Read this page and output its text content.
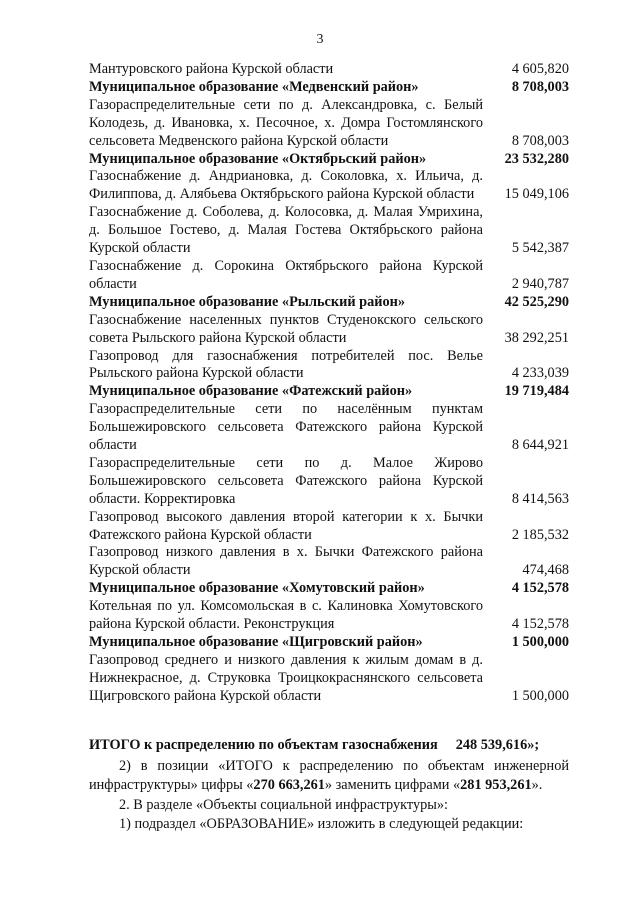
3
Мантуровского района Курской области	4 605,820
Муниципальное образование «Медвенский район»	8 708,003
Газораспределительные сети по д. Александровка, с. Белый Колодезь, д. Ивановка, х. Песочное, х. Домра Гостомлянского сельсовета Медвенского района Курской области	8 708,003
Муниципальное образование «Октябрьский район»	23 532,280
Газоснабжение д. Андриановка, д. Соколовка, х. Ильича, д. Филиппова, д. Алябьева Октябрьского района Курской области	15 049,106
Газоснабжение д. Соболева, д. Колосовка, д. Малая Умрихина, д. Большое Гостево, д. Малая Гостева Октябрьского района Курской области	5 542,387
Газоснабжение д. Сорокина Октябрьского района Курской области	2 940,787
Муниципальное образование «Рыльский район»	42 525,290
Газоснабжение населенных пунктов Студенокского сельского совета Рыльского района Курской области	38 292,251
Газопровод для газоснабжения потребителей пос. Велье Рыльского района Курской области	4 233,039
Муниципальное образование «Фатежский район»	19 719,484
Газораспределительные сети по населённым пунктам Большежировского сельсовета Фатежского района Курской области	8 644,921
Газораспределительные сети по д. Малое Жирово Большежировского сельсовета Фатежского района Курской области. Корректировка	8 414,563
Газопровод высокого давления второй категории к х. Бычки Фатежского района Курской области	2 185,532
Газопровод низкого давления в х. Бычки Фатежского района Курской области	474,468
Муниципальное образование «Хомутовский район»	4 152,578
Котельная по ул. Комсомольская в с. Калиновка Хомутовского района Курской области. Реконструкция	4 152,578
Муниципальное образование «Щигровский район»	1 500,000
Газопровод среднего и низкого давления к жилым домам в д. Нижнекрасное, д. Струковка Троицкокраснянского сельсовета Щигровского района Курской области	1 500,000
ИТОГО к распределению по объектам газоснабжения 248 539,616»;
2) в позиции «ИТОГО к распределению по объектам инженерной инфраструктуры» цифры «270 663,261» заменить цифрами «281 953,261».
2. В разделе «Объекты социальной инфраструктуры»:
1) подраздел «ОБРАЗОВАНИЕ» изложить в следующей редакции:
